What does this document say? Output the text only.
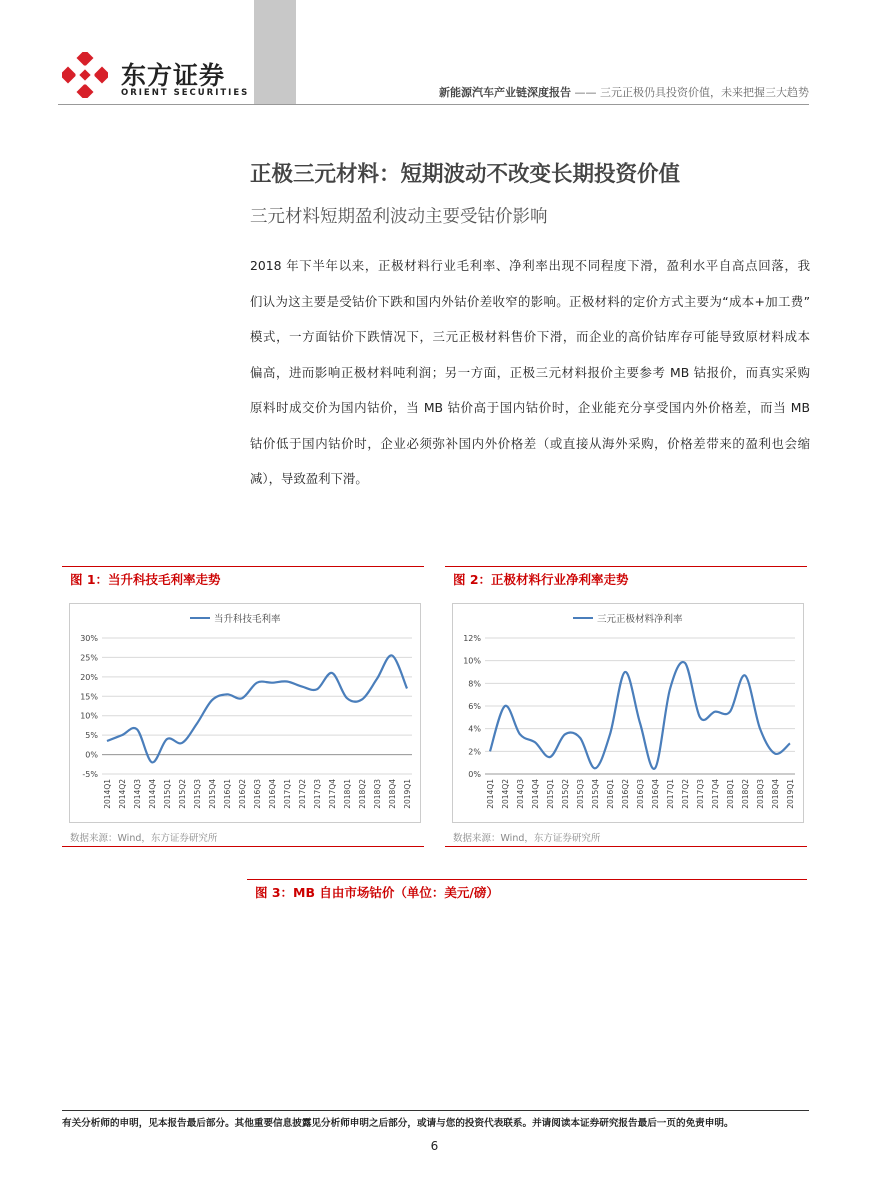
东方证券
ORIENT SECURITIES	新能源汽车产业链深度报告 —— 三元正极仍具投资价值，未来把握三大趋势
正极三元材料：短期波动不改变长期投资价值
三元材料短期盈利波动主要受钴价影响
2018 年下半年以来，正极材料行业毛利率、净利率出现不同程度下滑，盈利水平自高点回落，我
们认为这主要是受钴价下跌和国内外钴价差收窄的影响。正极材料的定价方式主要为“成本+加工费”
模式，一方面钴价下跌情况下，三元正极材料售价下滑，而企业的高价钴库存可能导致原材料成本
偏高，进而影响正极材料吨利润；另一方面，正极三元材料报价主要参考 MB 钴报价，而真实采购
原料时成交价为国内钴价，当 MB 钴价高于国内钴价时，企业能充分享受国内外价格差，而当 MB
钴价低于国内钴价时，企业必须弥补国内外价格差（或直接从海外采购，价格差带来的盈利也会缩
减），导致盈利下滑。
图 1：当升科技毛利率走势
当升科技毛利率
-5%
0%
5%
10%
15%
20%
25%
30%
2014Q1 2014Q2 2014Q3 2014Q4 2015Q1 2015Q2 2015Q3 2015Q4 2016Q1 2016Q2 2016Q3 2016Q4 2017Q1 2017Q2 2017Q3 2017Q4 2018Q1 2018Q2 2018Q3 2018Q4 2019Q1
数据来源：Wind，东方证券研究所
图 2：正极材料行业净利率走势
三元正极材料净利率
0%
2%
4%
6%
8%
10%
12%
2014Q1 2014Q2 2014Q3 2014Q4 2015Q1 2015Q2 2015Q3 2015Q4 2016Q1 2016Q2 2016Q3 2016Q4 2017Q1 2017Q2 2017Q3 2017Q4 2018Q1 2018Q2 2018Q3 2018Q4 2019Q1
数据来源：Wind，东方证券研究所
图 3：MB 自由市场钴价（单位：美元/磅）
有关分析师的申明，见本报告最后部分。其他重要信息披露见分析师申明之后部分，或请与您的投资代表联系。并请阅读本证券研究报告最后一页的免责申明。
6
